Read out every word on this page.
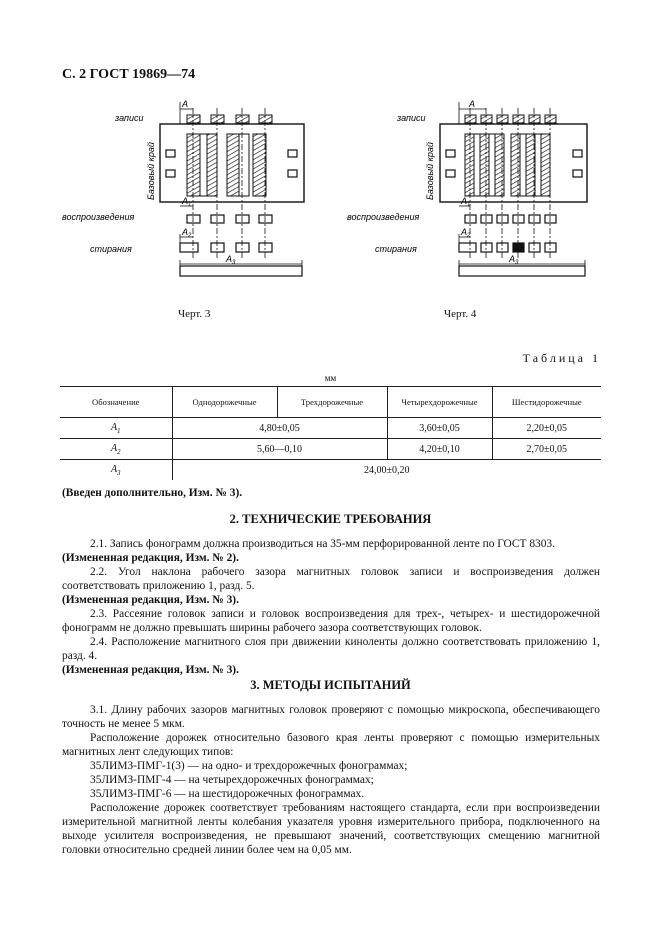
С. 2 ГОСТ 19869—74
записи
Базовый край
воспроизведения
стирания
A
$A_1$
$A_2$
$A_3$
Черт. 3
записи
Базовый край
воспроизведения
стирания
A
$A_1$
$A_2$
$A_3$
Черт. 4
Таблица 1
мм
Обозначение	Однодорожечные	Трехдорожечные	Четырехдорожечные	Шестидорожечные
$A_1$	4,80±0,05		3,60±0,05	2,20±0,05
$A_2$	5,60—0,10		4,20±0,10	2,70±0,05
$A_3$	24,00±0,20			
(Введен дополнительно, Изм. № 3).
2. ТЕХНИЧЕСКИЕ ТРЕБОВАНИЯ

2.1. Запись фонограмм должна производиться на 35-мм перфорированной ленте по ГОСТ 8303.

(Измененная редакция, Изм. № 2).

2.2. Угол наклона рабочего зазора магнитных головок записи и воспроизведения должен соответствовать приложению 1, разд. 5.

(Измененная редакция, Изм. № 3).

2.3. Рассеяние головок записи и головок воспроизведения для трех-, четырех- и шестидорожечной фонограмм не должно превышать ширины рабочего зазора соответствующих головок.

2.4. Расположение магнитного слоя при движении киноленты должно соответствовать приложению 1, разд. 4.

(Измененная редакция, Изм. № 3).

3. МЕТОДЫ ИСПЫТАНИЙ

3.1. Длину рабочих зазоров магнитных головок проверяют с помощью микроскопа, обеспечивающего точность не менее 5 мкм.

Расположение дорожек относительно базового края ленты проверяют с помощью измерительных магнитных лент следующих типов:

35ЛИМЗ-ПМГ-1(3) — на одно- и трехдорожечных фонограммах;

35ЛИМЗ-ПМГ-4 — на четырехдорожечных фонограммах;

35ЛИМЗ-ПМГ-6 — на шестидорожечных фонограммах.

Расположение дорожек соответствует требованиям настоящего стандарта, если при воспроизведении измерительной магнитной ленты колебания указателя уровня измерительного прибора, подключенного на выходе усилителя воспроизведения, не превышают значений, соответствующих смещению магнитной головки относительно средней линии более чем на 0,05 мм.
